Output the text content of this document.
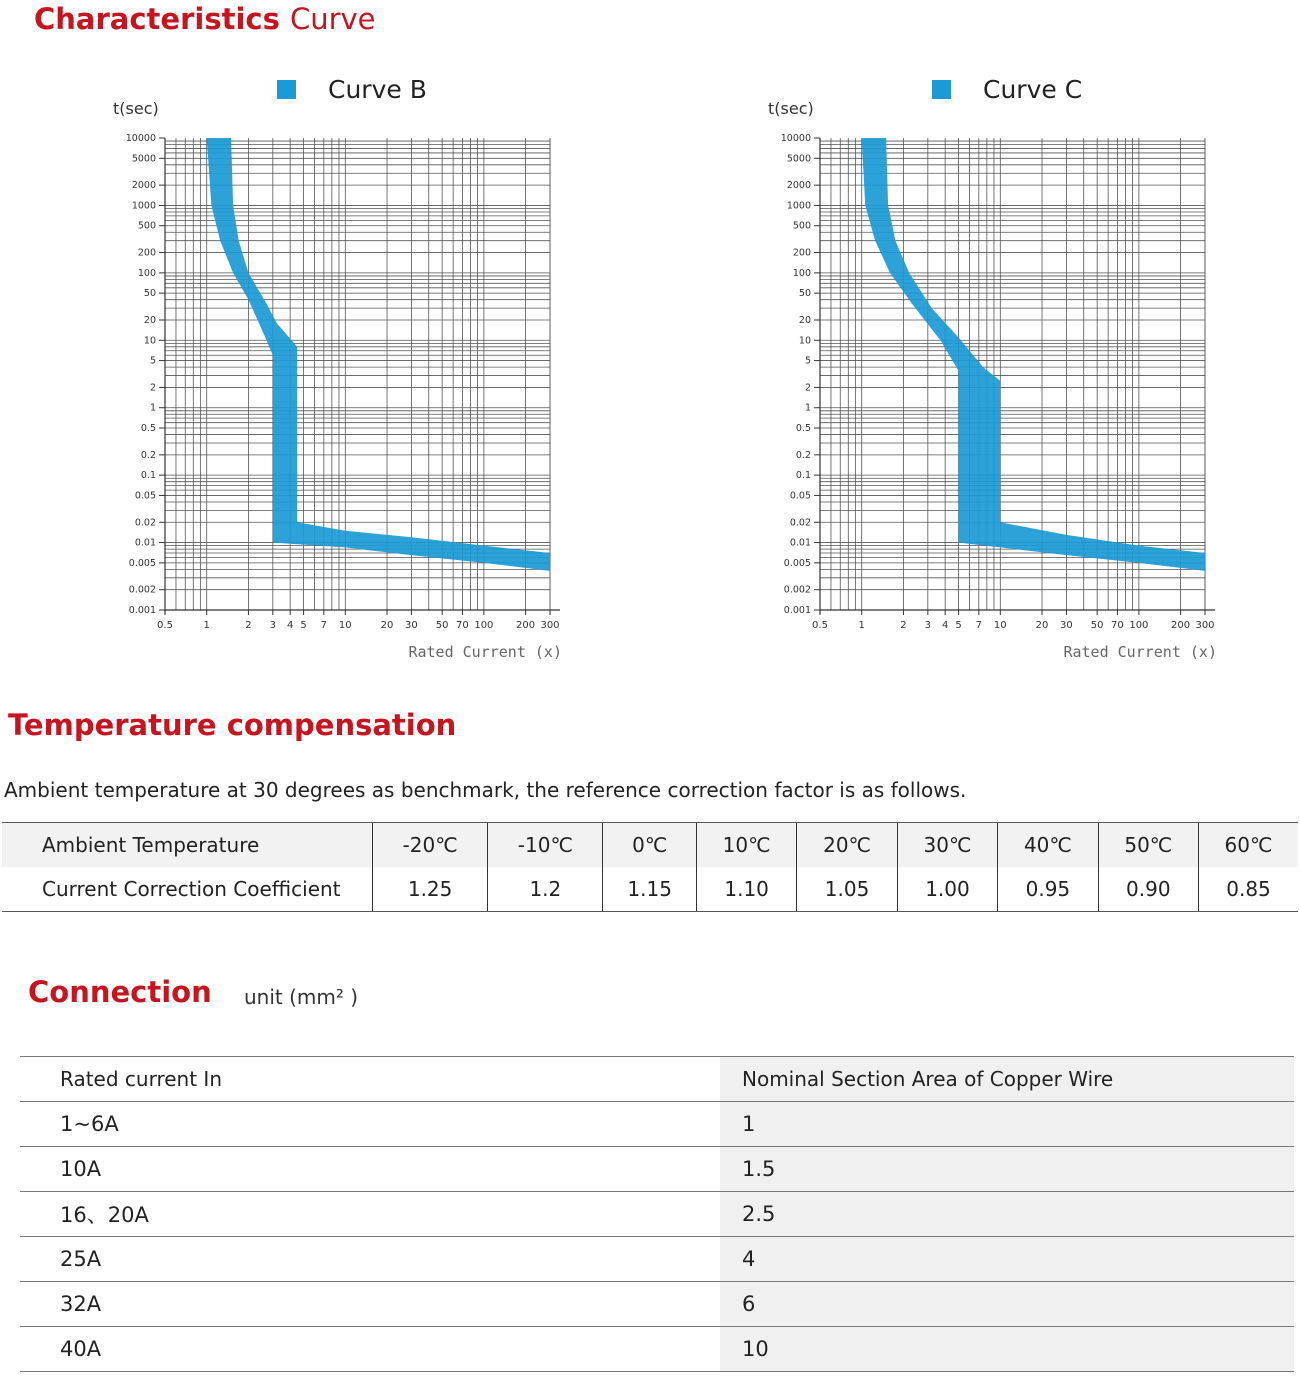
Characteristics Curve
Curve B
t(sec)
10000
5000
2000
1000
500
200
100
50
20
10
5
2
1
0.5
0.2
0.1
0.05
0.02
0.01
0.005
0.002
0.001
0.5	1	2 3 4 5 7 10	20 30 50 70 100 200 300
Rated Current (x)
Curve C
t(sec)
10000
5000
2000
1000
500
200
100
50
20
10
5
2
1
0.5
0.2
0.1
0.05
0.02
0.01
0.005
0.002
0.001
0.5	1	2 3 4 5 7 10	20 30 50 70 100 200 300
Rated Current (x)
Temperature compensation
Ambient temperature at 30 degrees as benchmark, the reference correction factor is as follows.
Ambient Temperature	-20℃	-10℃	0℃	10℃	20℃	30℃	40℃	50℃	60℃
Current Correction Coefficient	1.25	1.2	1.15	1.10	1.05	1.00	0.95	0.90	0.85
Connection unit (mm² )
Rated current In	Nominal Section Area of Copper Wire
1~6A	1
10A	1.5
16、20A	2.5
25A	4
32A	6
40A	10
